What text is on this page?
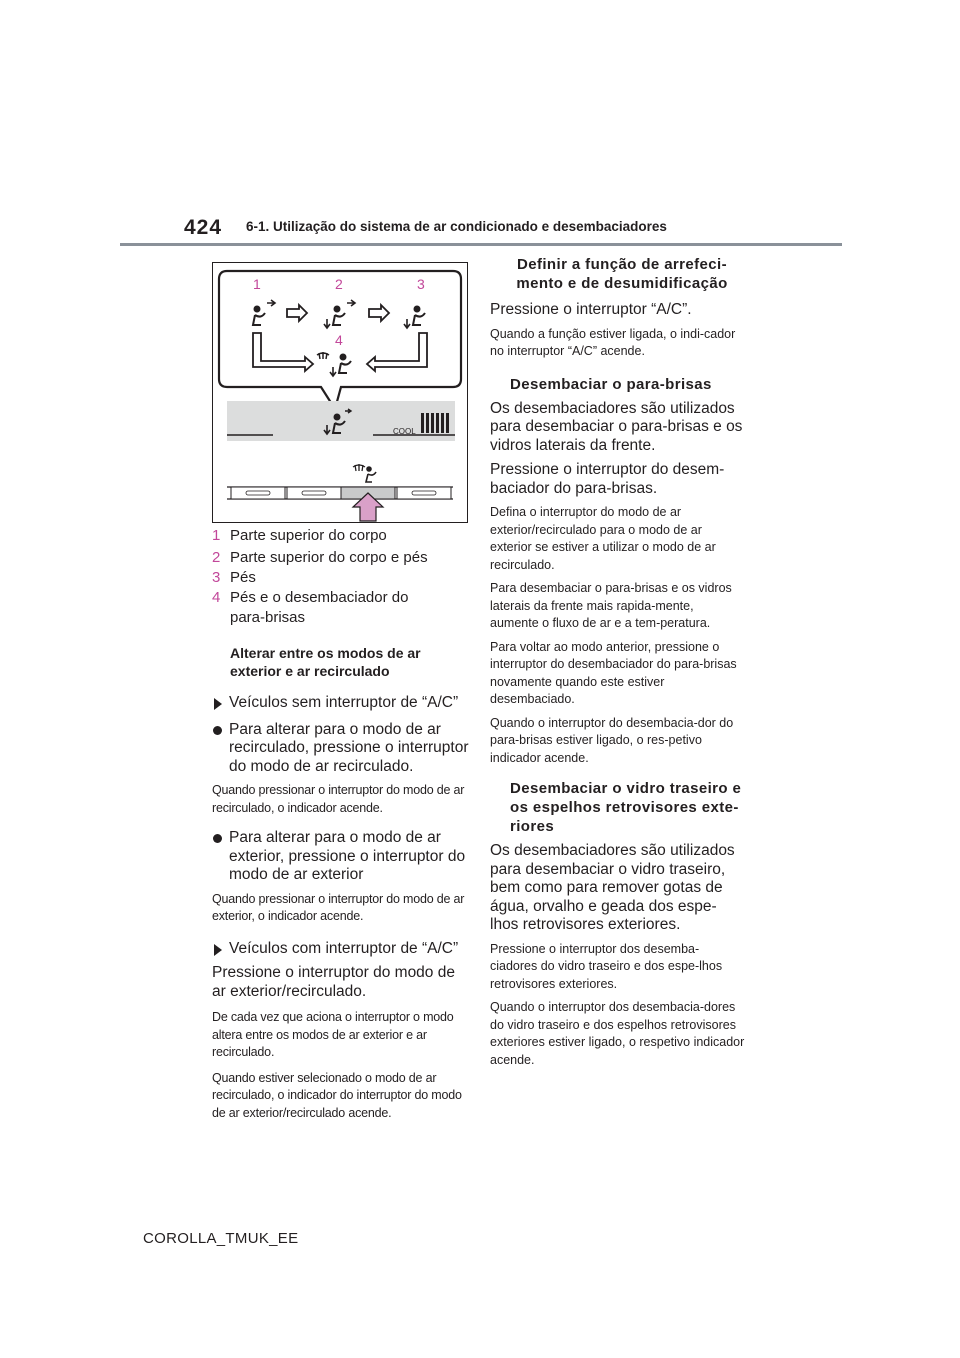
424 6-1. Utilização do sistema de ar condicionado e desembaciadores
1	2	3
4
COOL
1 Parte superior do corpo
2 Parte superior do corpo e pés
3 Pés
4 Pés e o desembaciador do para-brisas
Alterar entre os modos de ar exterior e ar recirculado
Veículos sem interruptor de “A/C”
Para alterar para o modo de ar recirculado, pressione o interruptor do modo de ar recirculado.

Quando pressionar o interruptor do modo de ar recirculado, o indicador acende.

Para alterar para o modo de ar exterior, pressione o interruptor do modo de ar exterior

Quando pressionar o interruptor do modo de ar exterior, o indicador acende.

Veículos com interruptor de “A/C”

Pressione o interruptor do modo de ar exterior/recirculado.

De cada vez que aciona o interruptor o modo altera entre os modos de ar exterior e ar recirculado.

Quando estiver selecionado o modo de ar recirculado, o indicador do interruptor do modo de ar exterior/recirculado acende.

Definir a função de arrefeci-mento e de desumidificação

Pressione o interruptor “A/C”.

Quando a função estiver ligada, o indi-cador no interruptor “A/C” acende.

Desembaciar o para-brisas

Os desembaciadores são utilizados para desembaciar o para-brisas e os vidros laterais da frente.

Pressione o interruptor do desem-baciador do para-brisas.

Defina o interruptor do modo de ar exterior/recirculado para o modo de ar exterior se estiver a utilizar o modo de ar recirculado.

Para desembaciar o para-brisas e os vidros laterais da frente mais rapida-mente, aumente o fluxo de ar e a tem-peratura.

Para voltar ao modo anterior, pressione o interruptor do desembaciador do para-brisas novamente quando este estiver desembaciado.

Quando o interruptor do desembacia-dor do para-brisas estiver ligado, o res-petivo indicador acende.

Desembaciar o vidro traseiro e os espelhos retrovisores exte-riores

Os desembaciadores são utilizados para desembaciar o vidro traseiro, bem como para remover gotas de água, orvalho e geada dos espe-lhos retrovisores exteriores.

Pressione o interruptor dos desemba-ciadores do vidro traseiro e dos espe-lhos retrovisores exteriores.

Quando o interruptor dos desembacia-dores do vidro traseiro e dos espelhos retrovisores exteriores estiver ligado, o respetivo indicador acende.

COROLLA_TMUK_EE
